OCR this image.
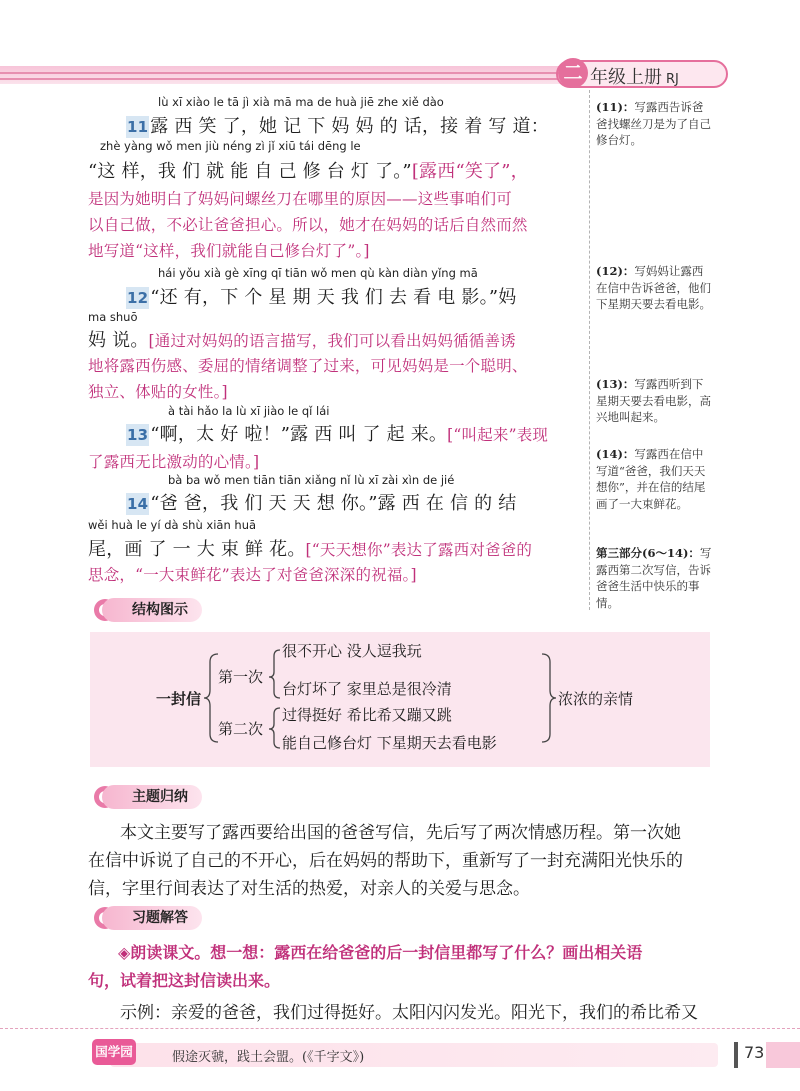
二 年级上册 RJ
lù xī xiào le tā jì xià mā ma de huà jiē zhe xiě dào
11 露 西 笑 了，她 记 下 妈 妈 的 话，接 着 写 道：
zhè yàng wǒ men jiù néng zì jǐ xiū tái dēng le
“这 样，我 们 就 能 自 己 修 台 灯 了。”[露西“笑了”，
是因为她明白了妈妈问螺丝刀在哪里的原因——这些事咱们可
以自己做，不必让爸爸担心。所以，她才在妈妈的话后自然而然
地写道“这样，我们就能自己修台灯了”。]
hái yǒu xià gè xīng qī tiān wǒ men qù kàn diàn yǐng mā
12 “还 有，下 个 星 期 天 我 们 去 看 电 影。”妈
ma shuō
妈 说。[通过对妈妈的语言描写，我们可以看出妈妈循循善诱
地将露西伤感、委屈的情绪调整了过来，可见妈妈是一个聪明、
独立、体贴的女性。]
à tài hǎo la lù xī jiào le qǐ lái
13 “啊，太 好 啦！”露 西 叫 了 起 来。[“叫起来”表现
了露西无比激动的心情。]
bà ba wǒ men tiān tiān xiǎng nǐ lù xī zài xìn de jié
14 “爸 爸，我 们 天 天 想 你。”露 西 在 信 的 结
wěi huà le yí dà shù xiān huā
尾，画 了 一 大 束 鲜 花。[“天天想你”表达了露西对爸爸的
思念，“一大束鲜花”表达了对爸爸深深的祝福。]
(11)：写露西告诉爸爸找螺丝刀是为了自己修台灯。
(12)：写妈妈让露西在信中告诉爸爸，他们下星期天要去看电影。
(13)：写露西听到下星期天要去看电影，高兴地叫起来。
(14)：写露西在信中写道“爸爸，我们天天想你”，并在信的结尾画了一大束鲜花。
第三部分(6～14)：写露西第二次写信，告诉爸爸生活中快乐的事情。
结构图示
一封信
第一次
第二次
很不开心 没人逗我玩
台灯坏了 家里总是很冷清
过得挺好 希比希又蹦又跳
能自己修台灯 下星期天去看电影
浓浓的亲情
主题归纳
本文主要写了露西要给出国的爸爸写信，先后写了两次情感历程。第一次她
在信中诉说了自己的不开心，后在妈妈的帮助下，重新写了一封充满阳光快乐的
信，字里行间表达了对生活的热爱，对亲人的关爱与思念。
习题解答
◈朗读课文。想一想：露西在给爸爸的后一封信里都写了什么？画出相关语
句，试着把这封信读出来。
示例：亲爱的爸爸，我们过得挺好。太阳闪闪发光。阳光下，我们的希比希又
国学园	假途灭虢，践土会盟。(《千字文》)	73
